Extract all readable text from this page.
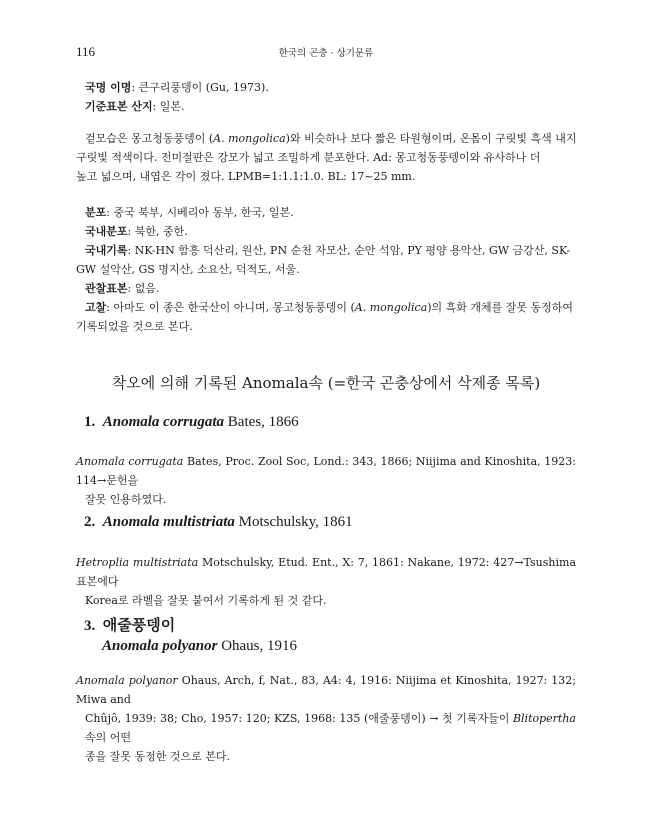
116	한국의 곤충 · 상기문류
국명 이명: 큰구리풍뎅이 (Gu, 1973).
기준표본 산지: 일본.
겉모습은 몽고청동풍뎅이 (A. mongolica)와 비슷하나 보다 짧은 타원형이며, 온몸이 구릿빛 흑색 내지
구릿빛 적색이다. 전미절판은 강모가 넓고 조밀하게 분포한다. Ad: 몽고청동풍뎅이와 유사하나 더
높고 넓으며, 내엽은 각이 졌다. LPMB=1:1.1:1.0. BL: 17~25 mm.
분포: 중국 북부, 시베리아 동부, 한국, 일본.
국내분포: 북한, 중한.
국내기록: NK-HN 함흥 덕산리, 원산, PN 순천 자모산, 순안 석암, PY 평양 용악산, GW 금강산, SK-
GW 설악산, GS 명지산, 소요산, 덕적도, 서울.
관찰표본: 없음.
고찰: 아마도 이 종은 한국산이 아니며, 몽고청동풍뎅이 (A. mongolica)의 흑화 개체를 잘못 동정하여
기록되었을 것으로 본다.
착오에 의해 기록된 Anomala속 (=한국 곤충상에서 삭제종 목록)
1. Anomala corrugata Bates, 1866
Anomala corrugata Bates, Proc. Zool Soc, Lond.: 343, 1866; Niijima and Kinoshita, 1923: 114→문헌을
잘못 인용하였다.
2. Anomala multistriata Motschulsky, 1861
Hetroplia multistriata Motschulsky, Etud. Ent., X: 7, 1861: Nakane, 1972: 427→Tsushima 표본에다
Korea로 라벨을 잘못 붙여서 기록하게 된 것 같다.
3. 애줄풍뎅이
Anomala polyanor Ohaus, 1916
Anomala polyanor Ohaus, Arch, f, Nat., 83, A4: 4, 1916: Niijima et Kinoshita, 1927: 132; Miwa and
Chûjô, 1939: 38; Cho, 1957: 120; KZS, 1968: 135 (애줄풍뎅이) → 첫 기록자들이 Blitopertha속의 어떤
종을 잘못 동정한 것으로 본다.
